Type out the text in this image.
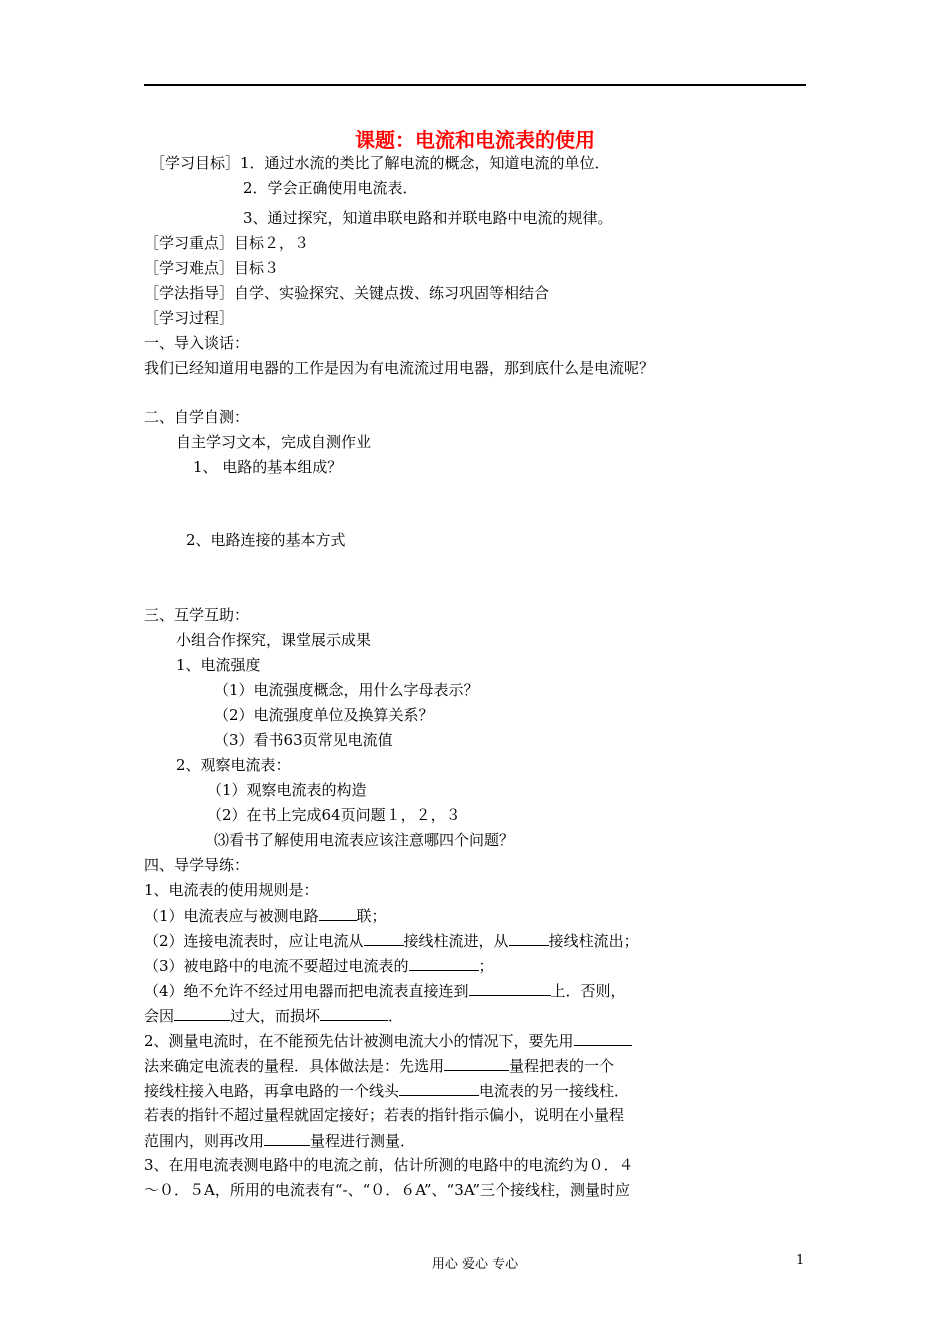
课题：电流和电流表的使用
［学习目标］1．通过水流的类比了解电流的概念，知道电流的单位．
2．学会正确使用电流表．
3、通过探究，知道串联电路和并联电路中电流的规律。
［学习重点］目标２，３
［学习难点］目标３
［学法指导］自学、实验探究、关键点拨、练习巩固等相结合
［学习过程］
一、导入谈话：
我们已经知道用电器的工作是因为有电流流过用电器，那到底什么是电流呢？
二、自学自测：
自主学习文本，完成自测作业
1、 电路的基本组成？
2、电路连接的基本方式
三、互学互助：
小组合作探究，课堂展示成果
1、电流强度
（1）电流强度概念，用什么字母表示？
（2）电流强度单位及换算关系？
（3）看书63页常见电流值
2、观察电流表：
（1）观察电流表的构造
（2）在书上完成64页问题１，２，３
⑶看书了解使用电流表应该注意哪四个问题？
四、导学导练：
1、电流表的使用规则是：
（1）电流表应与被测电路	联；
（2）连接电流表时，应让电流从	接线柱流进，从	接线柱流出；
（3）被电路中的电流不要超过电流表的	；
（4）绝不允许不经过用电器而把电流表直接连到	上．否则，
会因	过大，而损坏	．
2、测量电流时，在不能预先估计被测电流大小的情况下，要先用
法来确定电流表的量程．具体做法是：先选用	量程把表的一个
接线柱接入电路，再拿电路的一个线头	电流表的另一接线柱．
若表的指针不超过量程就固定接好；若表的指针指示偏小，说明在小量程
范围内，则再改用	量程进行测量．
3、在用电流表测电路中的电流之前，估计所测的电路中的电流约为０．４
～０．５A，所用的电流表有“-、“０．６A”、“3A”三个接线柱，测量时应
用心 爱心 专心	1
